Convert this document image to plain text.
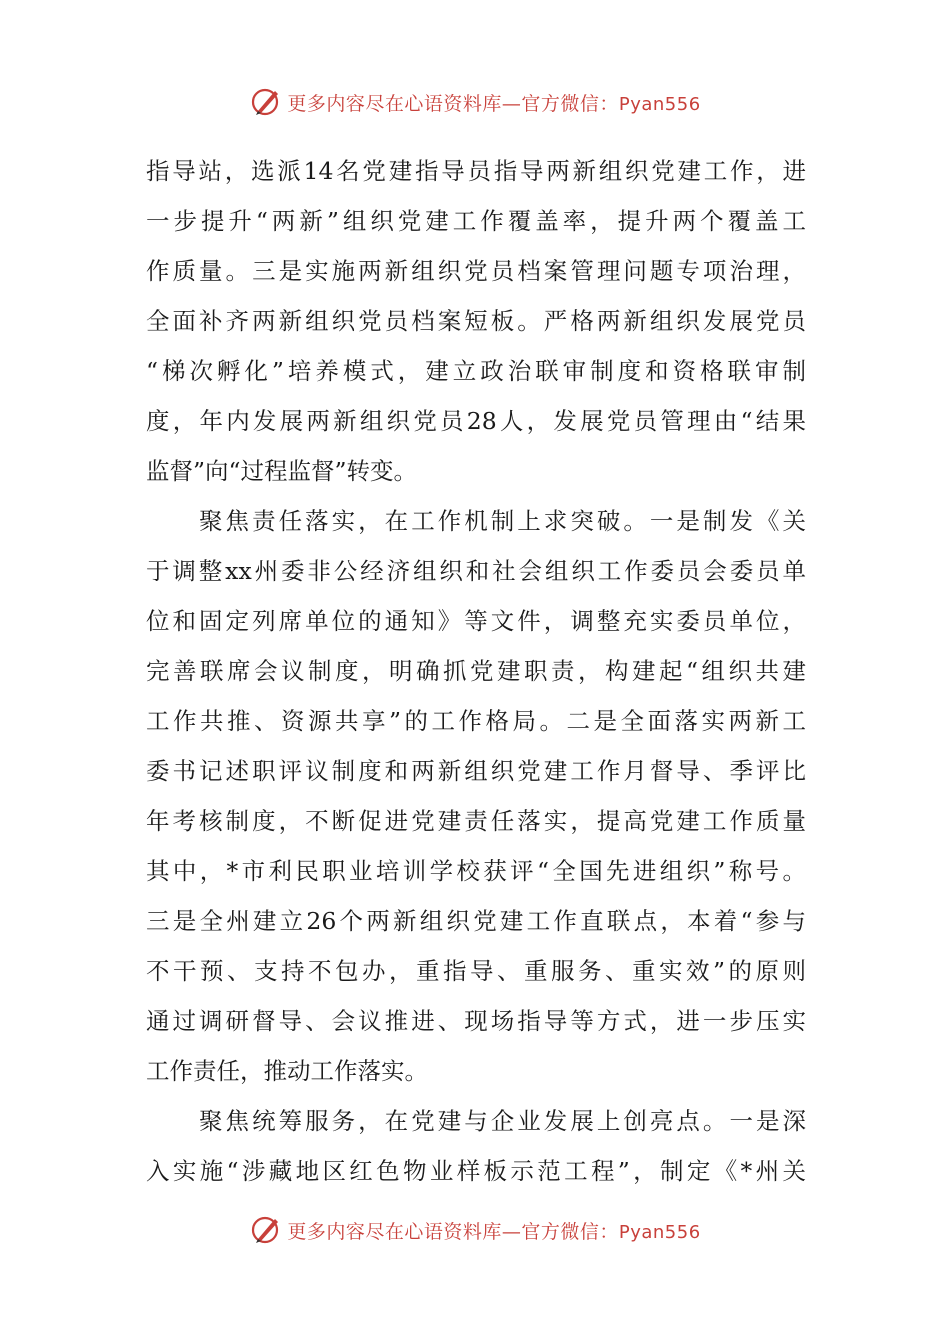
更多内容尽在心语资料库—官方微信：Pyan556
指导站，选派14名党建指导员指导两新组织党建工作，进
一步提升“两新”组织党建工作覆盖率，提升两个覆盖工
作质量。三是实施两新组织党员档案管理问题专项治理，
全面补齐两新组织党员档案短板。严格两新组织发展党员
“梯次孵化”培养模式，建立政治联审制度和资格联审制
度，年内发展两新组织党员28人，发展党员管理由“结果
监督”向“过程监督”转变。
　　聚焦责任落实，在工作机制上求突破。一是制发《关
于调整xx州委非公经济组织和社会组织工作委员会委员单
位和固定列席单位的通知》等文件，调整充实委员单位，
完善联席会议制度，明确抓党建职责，构建起“组织共建
工作共推、资源共享”的工作格局。二是全面落实两新工
委书记述职评议制度和两新组织党建工作月督导、季评比
年考核制度，不断促进党建责任落实，提高党建工作质量
其中，*市利民职业培训学校获评“全国先进组织”称号。
三是全州建立26个两新组织党建工作直联点，本着“参与
不干预、支持不包办，重指导、重服务、重实效”的原则
通过调研督导、会议推进、现场指导等方式，进一步压实
工作责任，推动工作落实。
　　聚焦统筹服务，在党建与企业发展上创亮点。一是深
入实施“涉藏地区红色物业样板示范工程”，制定《*州关
更多内容尽在心语资料库—官方微信：Pyan556
